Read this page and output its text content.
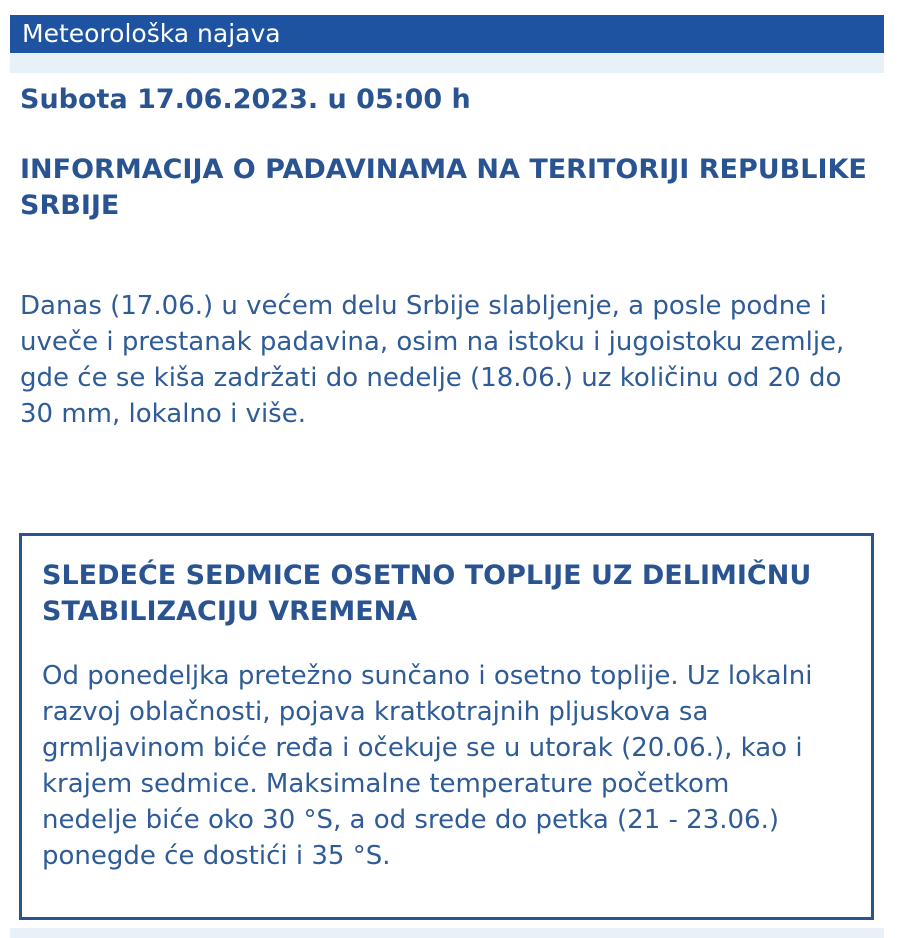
Meteorološka najava
Subota 17.06.2023. u 05:00 h
INFORMACIJA O PADAVINAMA NA TERITORIJI REPUBLIKE SRBIJE
Danas (17.06.) u većem delu Srbije slabljenje, a posle podne i uveče i prestanak padavina, osim na istoku i jugoistoku zemlje, gde će se kiša zadržati do nedelje (18.06.) uz količinu od 20 do 30 mm, lokalno i više.
SLEDEĆE SEDMICE OSETNO TOPLIJE UZ DELIMIČNU STABILIZACIJU VREMENA
Od ponedeljka pretežno sunčano i osetno toplije. Uz lokalni razvoj oblačnosti, pojava kratkotrajnih pljuskova sa grmljavinom biće ređa i očekuje se u utorak (20.06.), kao i krajem sedmice. Maksimalne temperature početkom nedelje biće oko 30 °S, a od srede do petka (21 - 23.06.) ponegde će dostići i 35 °S.
